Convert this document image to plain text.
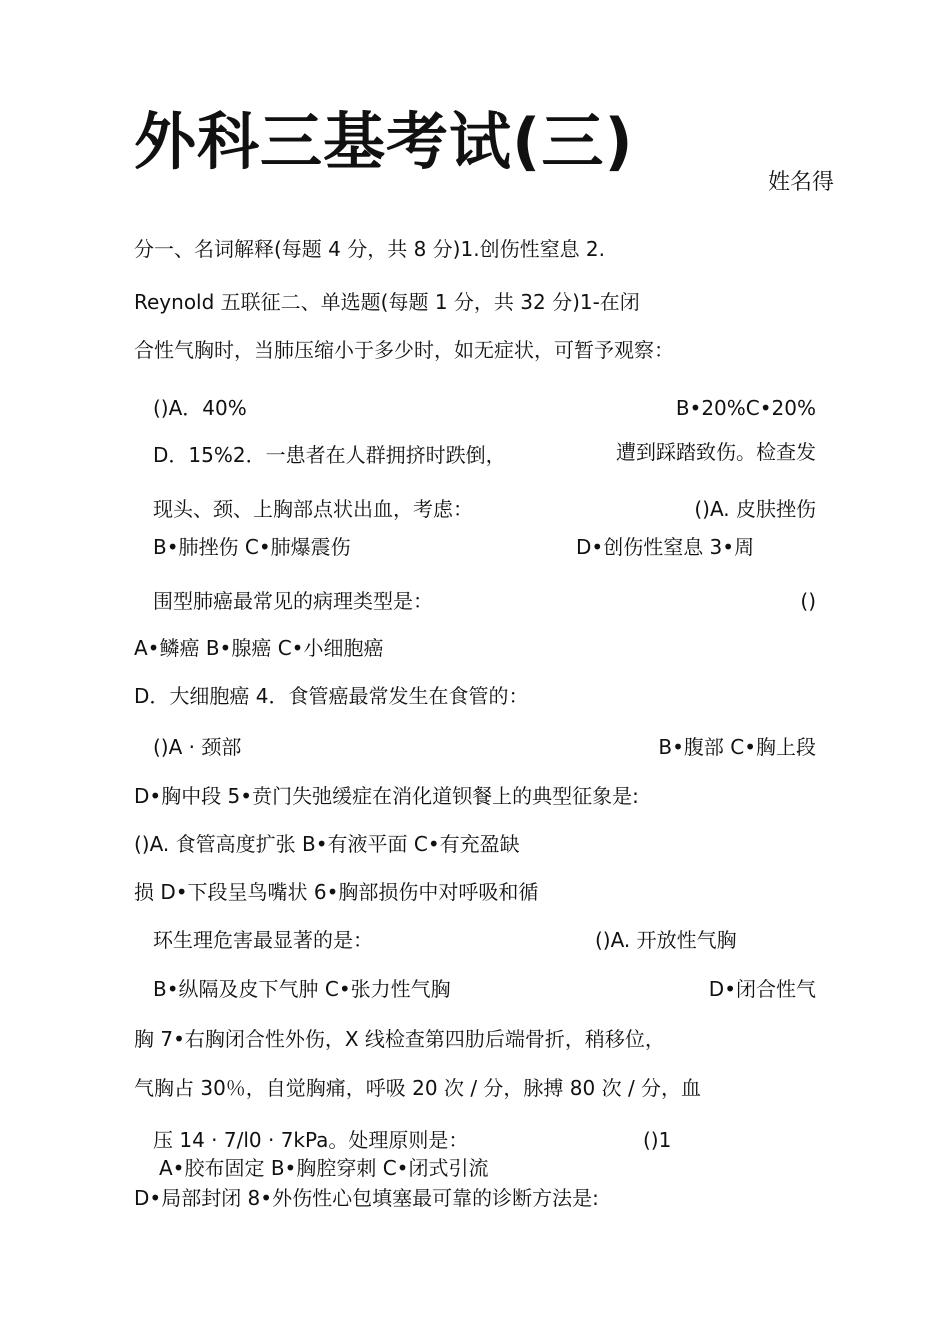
外科三基考试(三)
姓名得
分一、名词解释(每题 4 分，共 8 分)1.创伤性窒息 2.
Reynold 五联征二、单选题(每题 1 分，共 32 分)1-在闭
合性气胸时，当肺压缩小于多少时，如无症状，可暂予观察：
()A．40%	B•20%C•20%
D．15%2．一患者在人群拥挤时跌倒，	遭到踩踏致伤。检查发
现头、颈、上胸部点状出血，考虑：	()A. 皮肤挫伤
B•肺挫伤 C•肺爆震伤	D•创伤性窒息 3•周
围型肺癌最常见的病理类型是：	()
A•鳞癌 B•腺癌 C•小细胞癌
D．大细胞癌 4．食管癌最常发生在食管的：
()A · 颈部	B•腹部 C•胸上段
D•胸中段 5•贲门失弛缓症在消化道钡餐上的典型征象是:
()A. 食管高度扩张 B•有液平面 C•有充盈缺
损 D•下段呈鸟嘴状 6•胸部损伤中对呼吸和循
环生理危害最显著的是：	()A. 开放性气胸
B•纵隔及皮下气肿 C•张力性气胸	D•闭合性气
胸 7•右胸闭合性外伤，X 线检查第四肋后端骨折，稍移位，
气胸占 30％，自觉胸痛，呼吸 20 次 / 分，脉搏 80 次 / 分，血
压 14 · 7/l0 · 7kPa。处理原则是：	()1
A•胶布固定 B•胸腔穿刺 C•闭式引流
D•局部封闭 8•外伤性心包填塞最可靠的诊断方法是:
